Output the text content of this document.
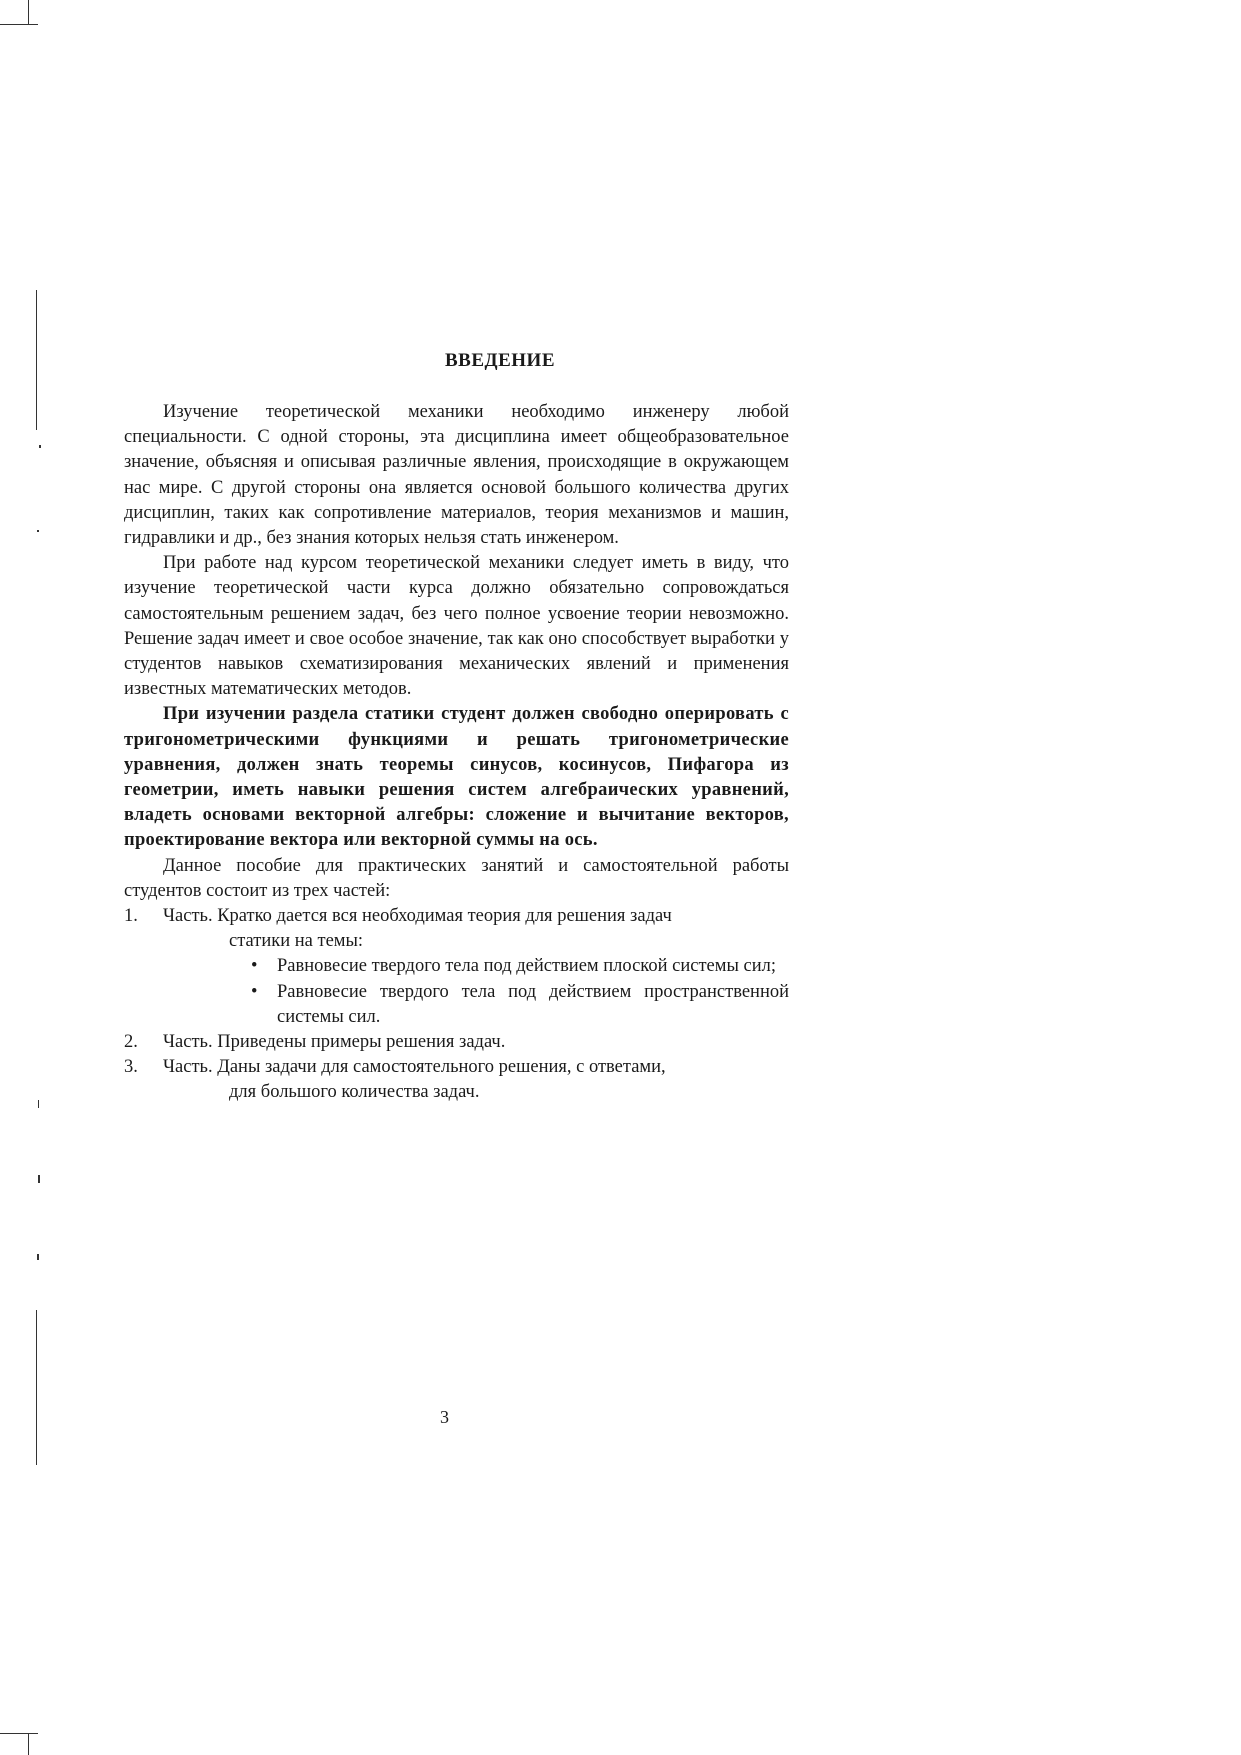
ВВЕДЕНИЕ

Изучение теоретической механики необходимо инженеру любой специальности. С одной стороны, эта дисциплина имеет общеобразовательное значение, объясняя и описывая различные явления, происходящие в окружающем нас мире. С другой стороны она является основой большого количества других дисциплин, таких как сопротивление материалов, теория механизмов и машин, гидравлики и др., без знания которых нельзя стать инженером.

При работе над курсом теоретической механики следует иметь в виду, что изучение теоретической части курса должно обязательно сопровождаться самостоятельным решением задач, без чего полное усвоение теории невозможно. Решение задач имеет и свое особое значение, так как оно способствует выработки у студентов навыков схематизирования механических явлений и применения известных математических методов.

При изучении раздела статики студент должен свободно оперировать с тригонометрическими функциями и решать тригонометрические уравнения, должен знать теоремы синусов, косинусов, Пифагора из геометрии, иметь навыки решения систем алгебраических уравнений, владеть основами векторной алгебры: сложение и вычитание векторов, проектирование вектора или векторной суммы на ось.

Данное пособие для практических занятий и самостоятельной работы студентов состоит из трех частей:

1. Часть. Кратко дается вся необходимая теория для решения задач
статики на темы:
• Равновесие твердого тела под действием плоской системы сил;
• Равновесие твердого тела под действием пространственной системы сил.
2. Часть. Приведены примеры решения задач.
3. Часть. Даны задачи для самостоятельного решения, с ответами,
для большого количества задач.
3
